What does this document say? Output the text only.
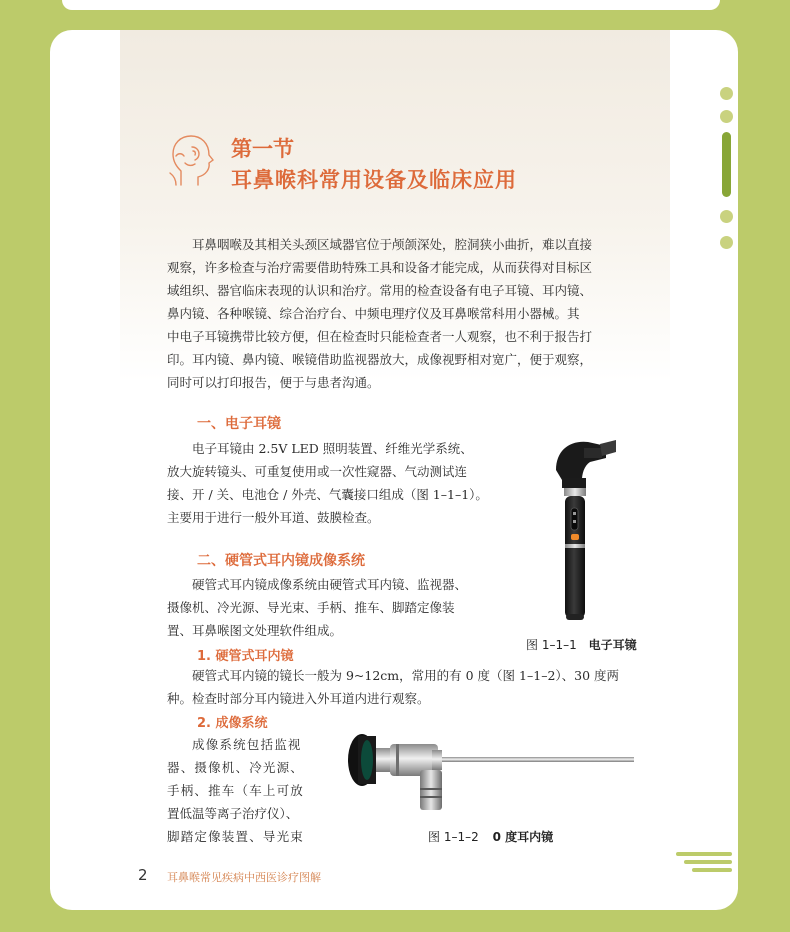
第一节
耳鼻喉科常用设备及临床应用
耳鼻咽喉及其相关头颈区域器官位于颅颌深处，腔洞狭小曲折，难以直接
观察，许多检查与治疗需要借助特殊工具和设备才能完成，从而获得对目标区
域组织、器官临床表现的认识和治疗。常用的检查设备有电子耳镜、耳内镜、
鼻内镜、各种喉镜、综合治疗台、中频电理疗仪及耳鼻喉常科用小器械。其
中电子耳镜携带比较方便，但在检查时只能检查者一人观察，也不利于报告打
印。耳内镜、鼻内镜、喉镜借助监视器放大，成像视野相对宽广，便于观察，
同时可以打印报告，便于与患者沟通。
一、电子耳镜
电子耳镜由 2.5V LED 照明装置、纤维光学系统、
放大旋转镜头、可重复使用或一次性窥器、气动测试连
接、开 / 关、电池仓 / 外壳、气囊接口组成（图 1–1–1）。
主要用于进行一般外耳道、鼓膜检查。
图 1–1–1 电子耳镜
二、硬管式耳内镜成像系统
硬管式耳内镜成像系统由硬管式耳内镜、监视器、
摄像机、冷光源、导光束、手柄、推车、脚踏定像装
置、耳鼻喉图文处理软件组成。
1. 硬管式耳内镜
硬管式耳内镜的镜长一般为 9~12cm，常用的有 0 度（图 1–1–2）、30 度两
种。检查时部分耳内镜进入外耳道内进行观察。
2. 成像系统
成像系统包括监视
器、摄像机、冷光源、
手柄、推车（车上可放
置低温等离子治疗仪）、
脚踏定像装置、导光束	图 1–1–2 0 度耳内镜
2 耳鼻喉常见疾病中西医诊疗图解
